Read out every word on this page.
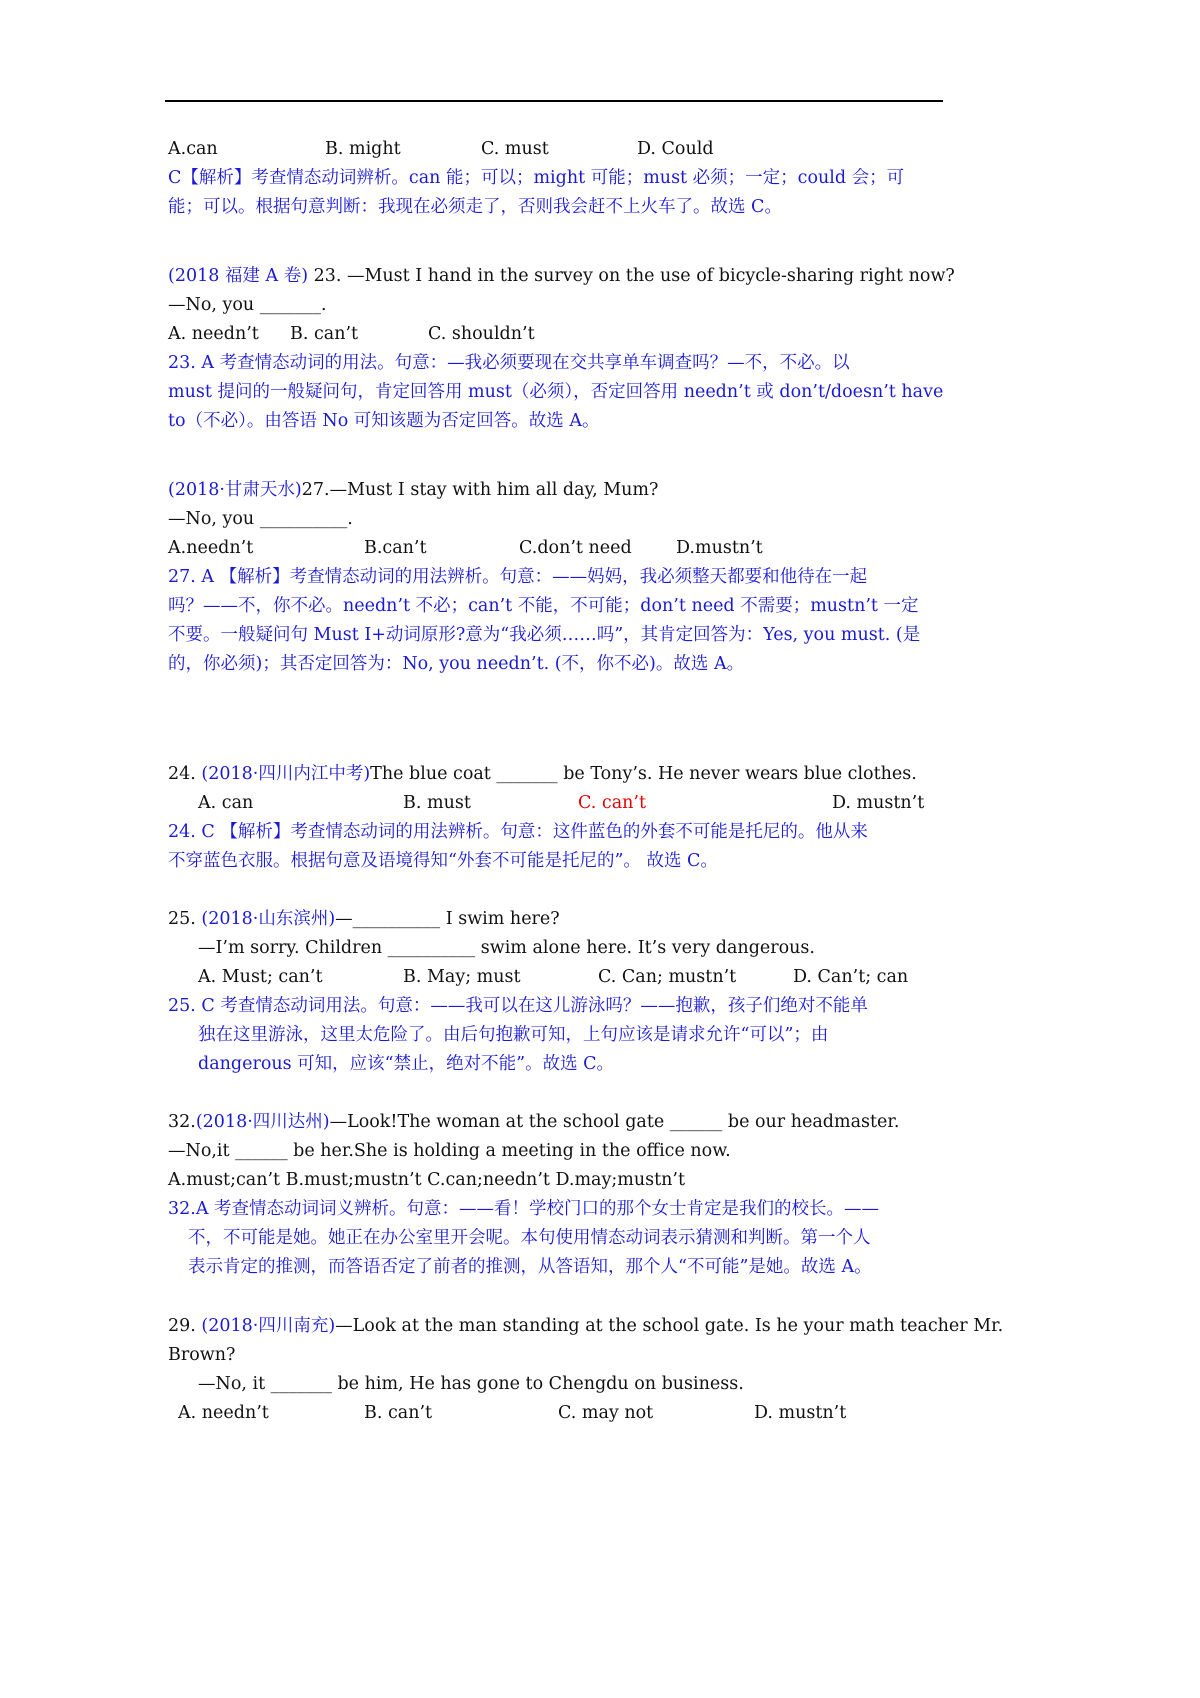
A.can	B. might	C. must	D. Could
C【解析】考查情态动词辨析。can 能；可以；might 可能；must 必须；一定；could 会；可
能；可以。根据句意判断：我现在必须走了，否则我会赶不上火车了。故选 C。
(2018 福建 A 卷) 23. —Must I hand in the survey on the use of bicycle-sharing right now?
—No, you _______.
A. needn’t B. can’t	C. shouldn’t
23. A 考查情态动词的用法。句意：—我必须要现在交共享单车调查吗？—不，不必。以
must 提问的一般疑问句，肯定回答用 must（必须），否定回答用 needn’t 或 don’t/doesn’t have
to（不必）。由答语 No 可知该题为否定回答。故选 A。
(2018·甘肃天水)27.—Must I stay with him all day, Mum?
—No, you __________.
A.needn’t	B.can’t	C.don’t need	D.mustn’t
27. A 【解析】考查情态动词的用法辨析。句意：——妈妈，我必须整天都要和他待在一起
吗？——不，你不必。needn’t 不必；can’t 不能，不可能；don’t need 不需要；mustn’t 一定
不要。一般疑问句 Must I+动词原形?意为“我必须……吗”，其肯定回答为：Yes, you must. (是
的，你必须)；其否定回答为：No, you needn’t. (不，你不必)。故选 A。
24. (2018·四川内江中考)The blue coat _______ be Tony’s. He never wears blue clothes.
A. can	B. must	C. can’t	D. mustn’t
24. C 【解析】考查情态动词的用法辨析。句意：这件蓝色的外套不可能是托尼的。他从来
不穿蓝色衣服。根据句意及语境得知“外套不可能是托尼的”。 故选 C。
25. (2018·山东滨州)—__________ I swim here?
—I’m sorry. Children __________ swim alone here. It’s very dangerous.
A. Must; can’t	B. May; must	C. Can; mustn’t	D. Can’t; can
25. C 考查情态动词用法。句意：——我可以在这儿游泳吗？——抱歉，孩子们绝对不能单
独在这里游泳，这里太危险了。由后句抱歉可知，上句应该是请求允许“可以”；由
dangerous 可知，应该“禁止，绝对不能”。故选 C。
32.(2018·四川达州)—Look!The woman at the school gate ______ be our headmaster.
—No,it ______ be her.She is holding a meeting in the office now.
A.must;can’t B.must;mustn’t C.can;needn’t D.may;mustn’t
32.A 考查情态动词词义辨析。句意：——看！学校门口的那个女士肯定是我们的校长。——
不，不可能是她。她正在办公室里开会呢。本句使用情态动词表示猜测和判断。第一个人
表示肯定的推测，而答语否定了前者的推测，从答语知，那个人“不可能”是她。故选 A。
29. (2018·四川南充)—Look at the man standing at the school gate. Is he your math teacher Mr.
Brown?
—No, it _______ be him, He has gone to Chengdu on business.
A. needn’t	B. can’t	C. may not	D. mustn’t
